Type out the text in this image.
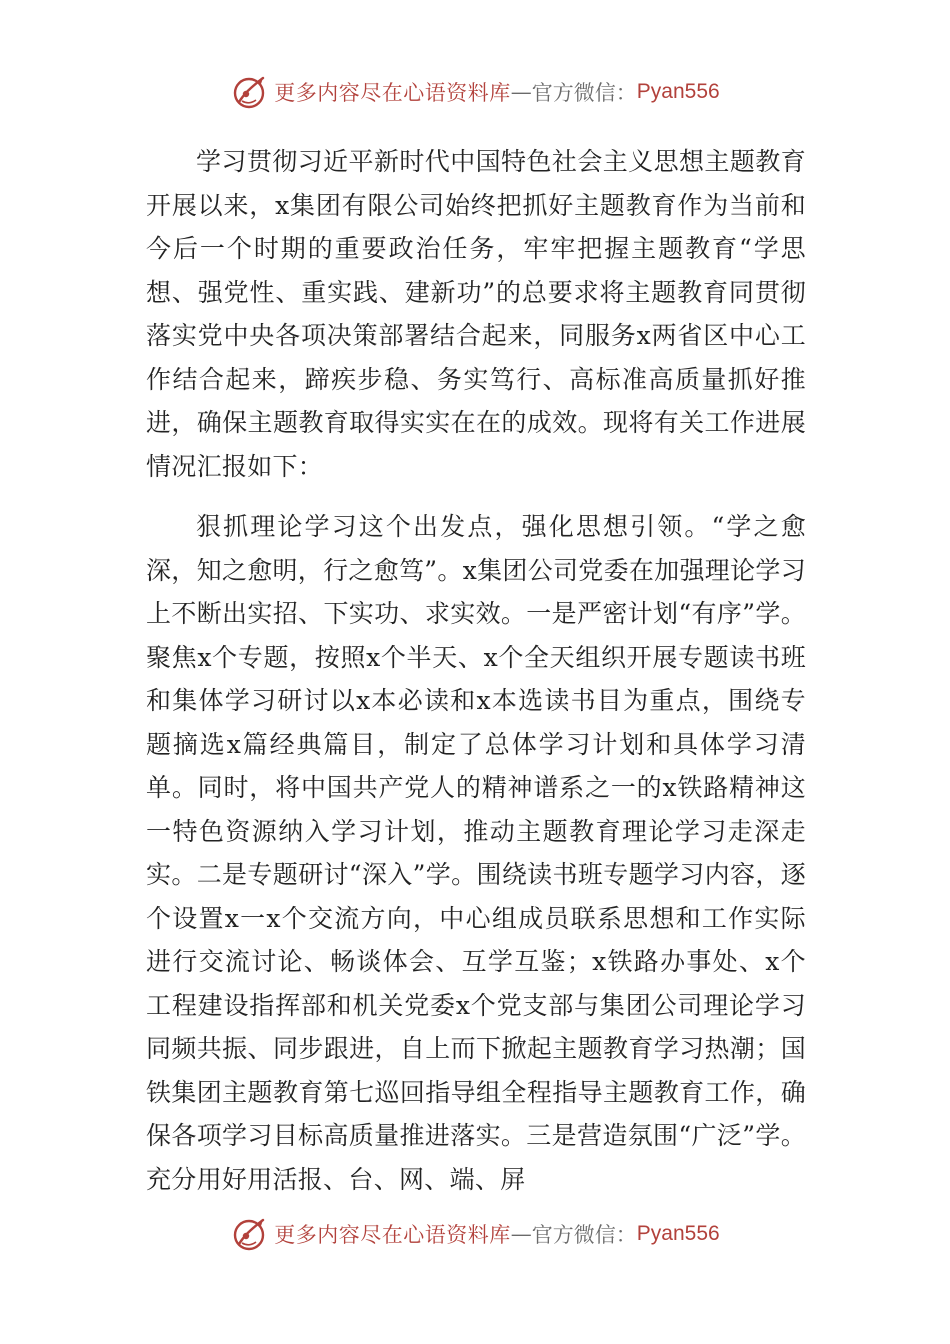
更多内容尽在心语资料库 — 官方微信： Pyan556

学习贯彻习近平新时代中国特色社会主义思想主题教育开展以来，x集团有限公司始终把抓好主题教育作为当前和今后一个时期的重要政治任务，牢牢把握主题教育“学思想、强党性、重实践、建新功”的总要求将主题教育同贯彻落实党中央各项决策部署结合起来，同服务x两省区中心工作结合起来，蹄疾步稳、务实笃行、高标准高质量抓好推进，确保主题教育取得实实在在的成效。现将有关工作进展情况汇报如下：

狠抓理论学习这个出发点，强化思想引领。“学之愈深，知之愈明，行之愈笃”。x集团公司党委在加强理论学习上不断出实招、下实功、求实效。一是严密计划“有序”学。聚焦x个专题，按照x个半天、x个全天组织开展专题读书班和集体学习研讨以x本必读和x本选读书目为重点，围绕专题摘选x篇经典篇目，制定了总体学习计划和具体学习清单。同时，将中国共产党人的精神谱系之一的x铁路精神这一特色资源纳入学习计划，推动主题教育理论学习走深走实。二是专题研讨“深入”学。围绕读书班专题学习内容，逐个设置x一x个交流方向，中心组成员联系思想和工作实际进行交流讨论、畅谈体会、互学互鉴；x铁路办事处、x个工程建设指挥部和机关党委x个党支部与集团公司理论学习同频共振、同步跟进，自上而下掀起主题教育学习热潮；国铁集团主题教育第七巡回指导组全程指导主题教育工作，确保各项学习目标高质量推进落实。三是营造氛围“广泛”学。充分用好用活报、台、网、端、屏

更多内容尽在心语资料库 — 官方微信： Pyan556
